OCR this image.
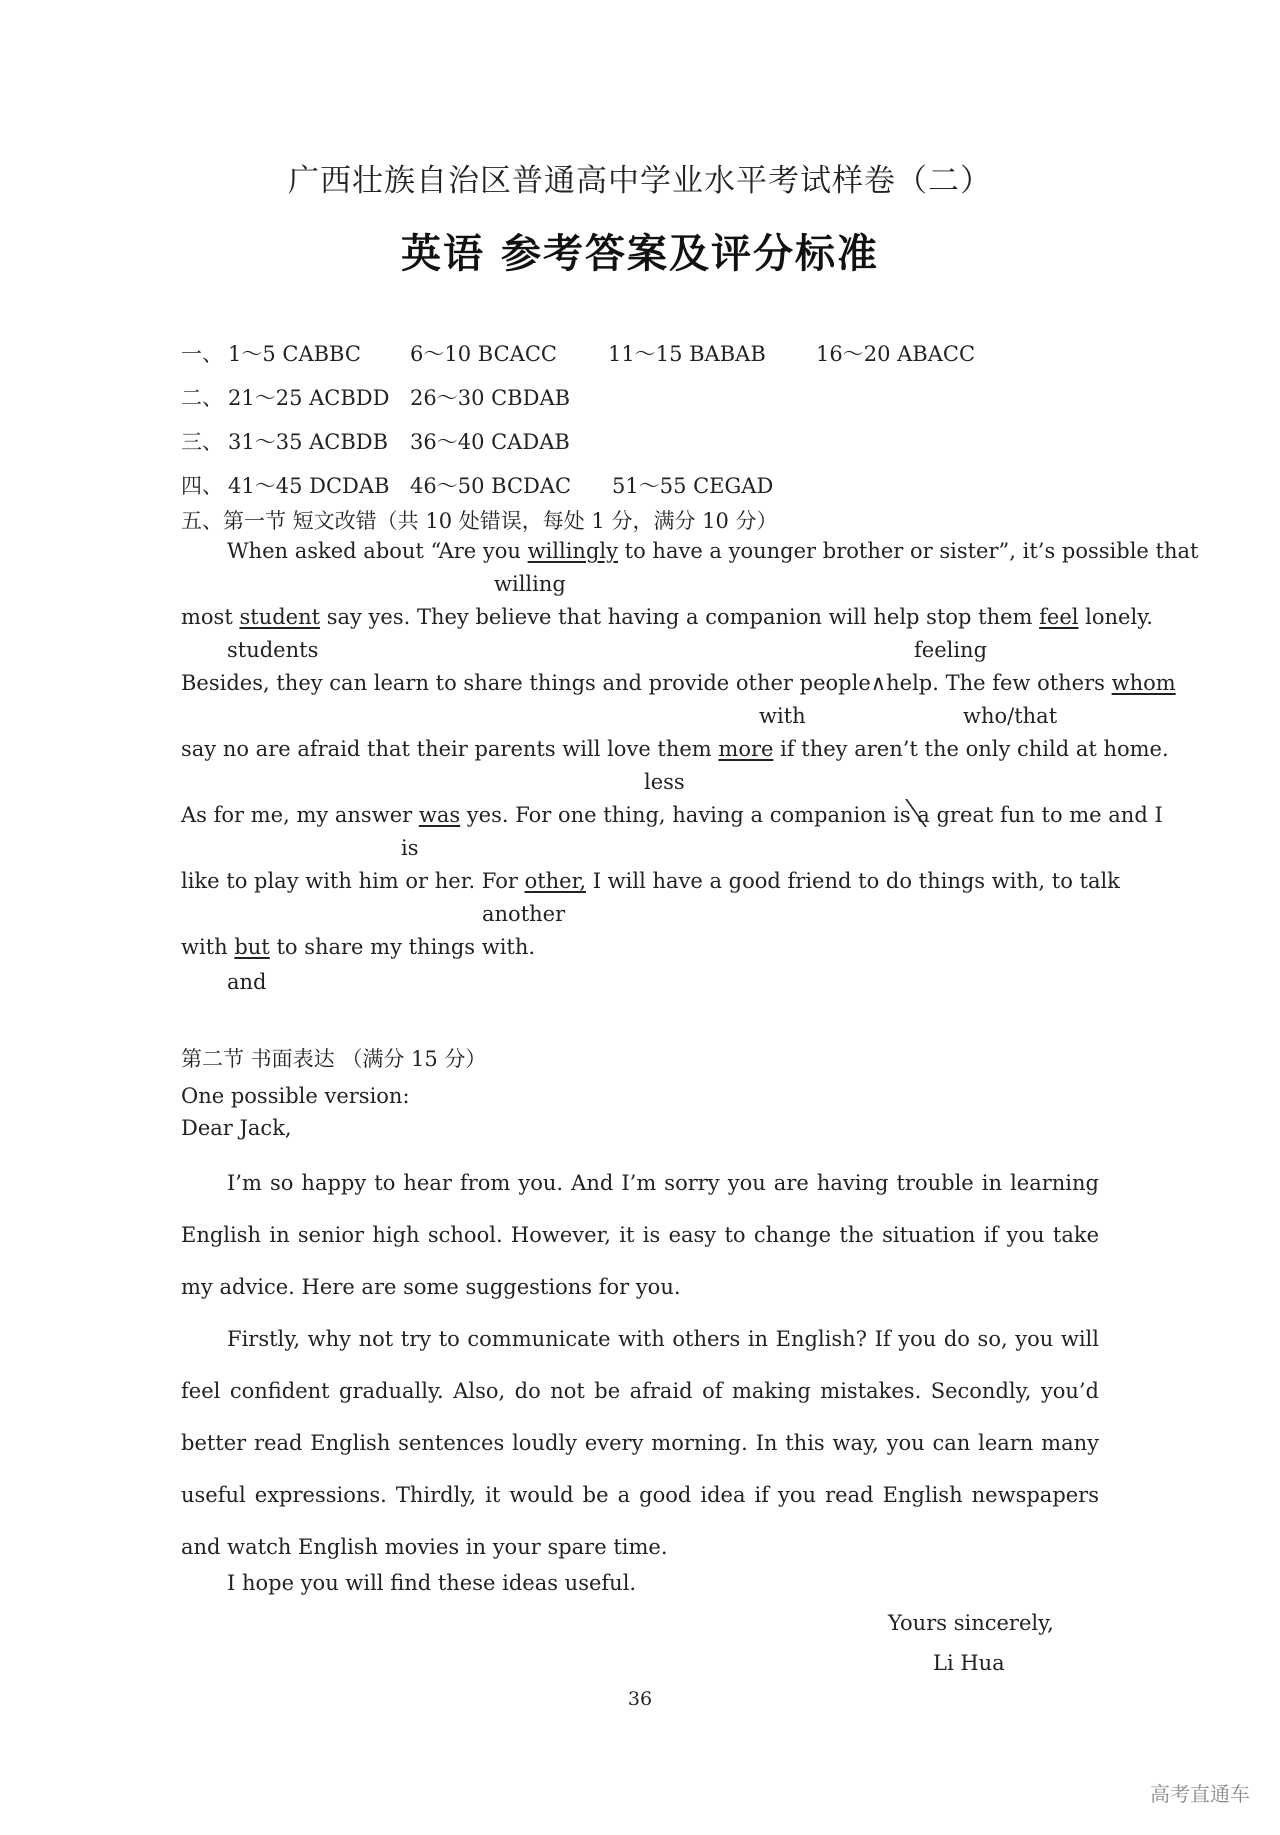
广西壮族自治区普通高中学业水平考试样卷（二）
英语 参考答案及评分标准
一、 1～5 CABBC 6～10 BCACC 11～15 BABAB 16～20 ABACC
二、 21～25 ACBDD 26～30 CBDAB
三、 31～35 ACBDB 36～40 CADAB
四、 41～45 DCDAB 46～50 BCDAC 51～55 CEGAD
五、第一节 短文改错（共 10 处错误，每处 1 分，满分 10 分）
When asked about “Are you willingly to have a younger brother or sister”, it’s possible that
willing
most student say yes. They believe that having a companion will help stop them feel lonely.
students	feeling
Besides, they can learn to share things and provide other people∧help. The few others whom
with	who/that
say no are afraid that their parents will love them more if they aren’t the only child at home.
less
As for me, my answer was yes. For one thing, having a companion is a
great fun to me and I
is
like to play with him or her. For other, I will have a good friend to do things with, to talk
another
with but to share my things with.
and
第二节 书面表达 （满分 15 分）
One possible version:
Dear Jack,
I’m so happy to hear from you. And I’m sorry you are having trouble in learning English in senior high school. However, it is easy to change the situation if you take my advice. Here are some suggestions for you.
Firstly, why not try to communicate with others in English? If you do so, you will feel confident gradually. Also, do not be afraid of making mistakes. Secondly, you’d better read English sentences loudly every morning. In this way, you can learn many useful expressions. Thirdly, it would be a good idea if you read English newspapers and watch English movies in your spare time.
I hope you will find these ideas useful.
Yours sincerely,
Li Hua
36
高考直通车
